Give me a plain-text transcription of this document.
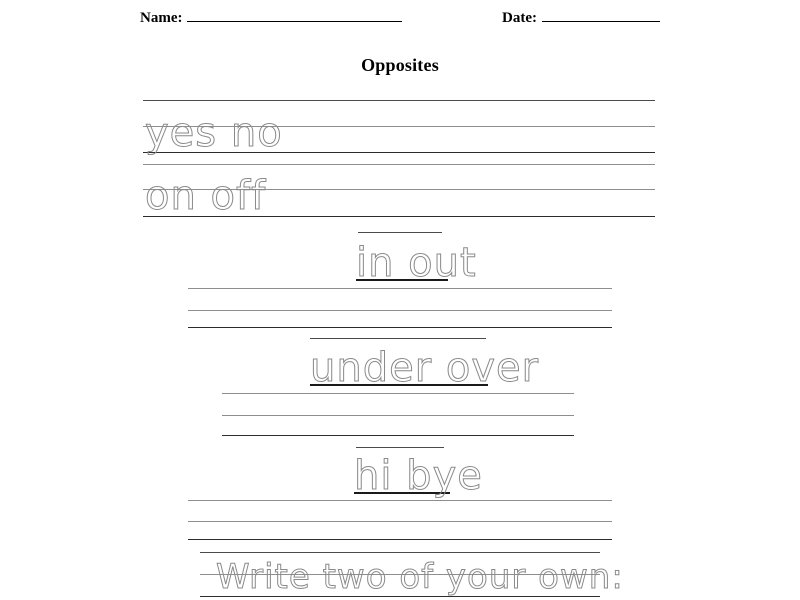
Name:	Date:
Opposites
yes no
on off
in out
under over
hi bye
Write two of your own:
